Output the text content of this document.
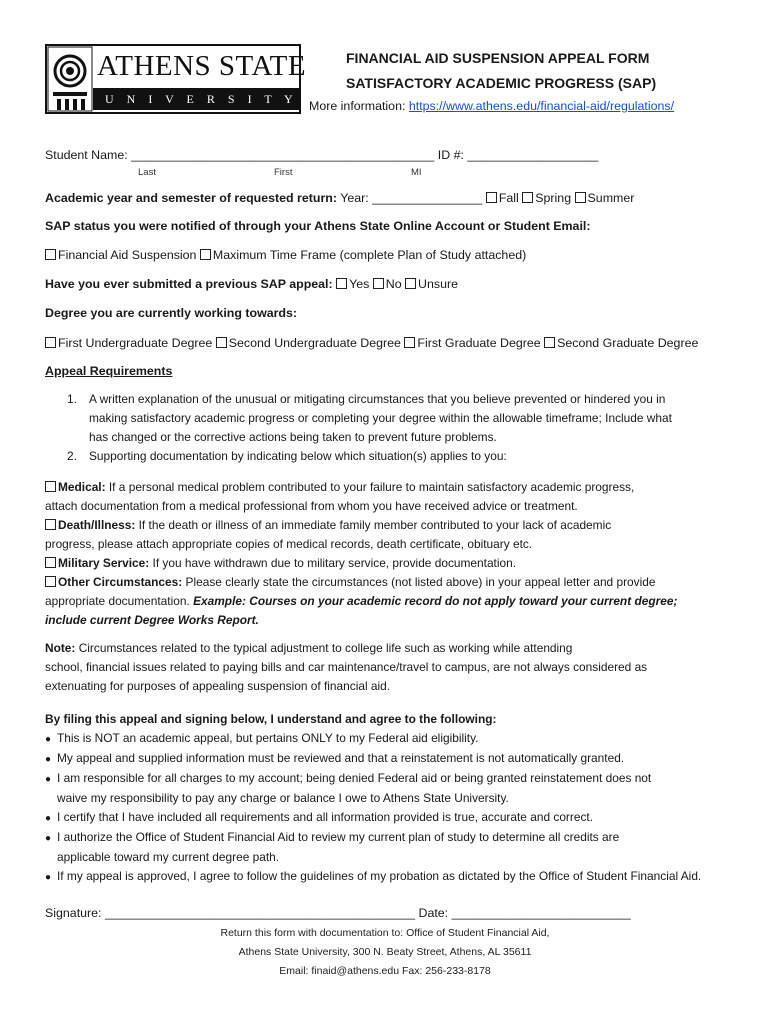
ATHENS STATE
U N I V E R S I T Y
FINANCIAL AID SUSPENSION APPEAL FORM
SATISFACTORY ACADEMIC PROGRESS (SAP)
More information: https://www.athens.edu/financial-aid/regulations/
Student Name: ____________________________________________ ID #: ___________________
Last	First	MI
Academic year and semester of requested return: Year: ________________ Fall Spring Summer
SAP status you were notified of through your Athens State Online Account or Student Email:
Financial Aid Suspension Maximum Time Frame (complete Plan of Study attached)
Have you ever submitted a previous SAP appeal: Yes No Unsure
Degree you are currently working towards:
First Undergraduate Degree Second Undergraduate Degree First Graduate Degree Second Graduate Degree
Appeal Requirements
1. A written explanation of the unusual or mitigating circumstances that you believe prevented or hindered you in
making satisfactory academic progress or completing your degree within the allowable timeframe; Include what
has changed or the corrective actions being taken to prevent future problems.
2. Supporting documentation by indicating below which situation(s) applies to you:
Medical: If a personal medical problem contributed to your failure to maintain satisfactory academic progress,
attach documentation from a medical professional from whom you have received advice or treatment.
Death/Illness: If the death or illness of an immediate family member contributed to your lack of academic
progress, please attach appropriate copies of medical records, death certificate, obituary etc.
Military Service: If you have withdrawn due to military service, provide documentation.
Other Circumstances: Please clearly state the circumstances (not listed above) in your appeal letter and provide
appropriate documentation. Example: Courses on your academic record do not apply toward your current degree;
include current Degree Works Report.
Note: Circumstances related to the typical adjustment to college life such as working while attending
school, financial issues related to paying bills and car maintenance/travel to campus, are not always considered as
extenuating for purposes of appealing suspension of financial aid.
By filing this appeal and signing below, I understand and agree to the following:
● This is NOT an academic appeal, but pertains ONLY to my Federal aid eligibility.
● My appeal and supplied information must be reviewed and that a reinstatement is not automatically granted.
● I am responsible for all charges to my account; being denied Federal aid or being granted reinstatement does not
waive my responsibility to pay any charge or balance I owe to Athens State University.
● I certify that I have included all requirements and all information provided is true, accurate and correct.
● I authorize the Office of Student Financial Aid to review my current plan of study to determine all credits are
applicable toward my current degree path.
● If my appeal is approved, I agree to follow the guidelines of my probation as dictated by the Office of Student Financial Aid.
Signature: _____________________________________________ Date: __________________________
Return this form with documentation to: Office of Student Financial Aid,
Athens State University, 300 N. Beaty Street, Athens, AL 35611
Email: finaid@athens.edu Fax: 256-233-8178
